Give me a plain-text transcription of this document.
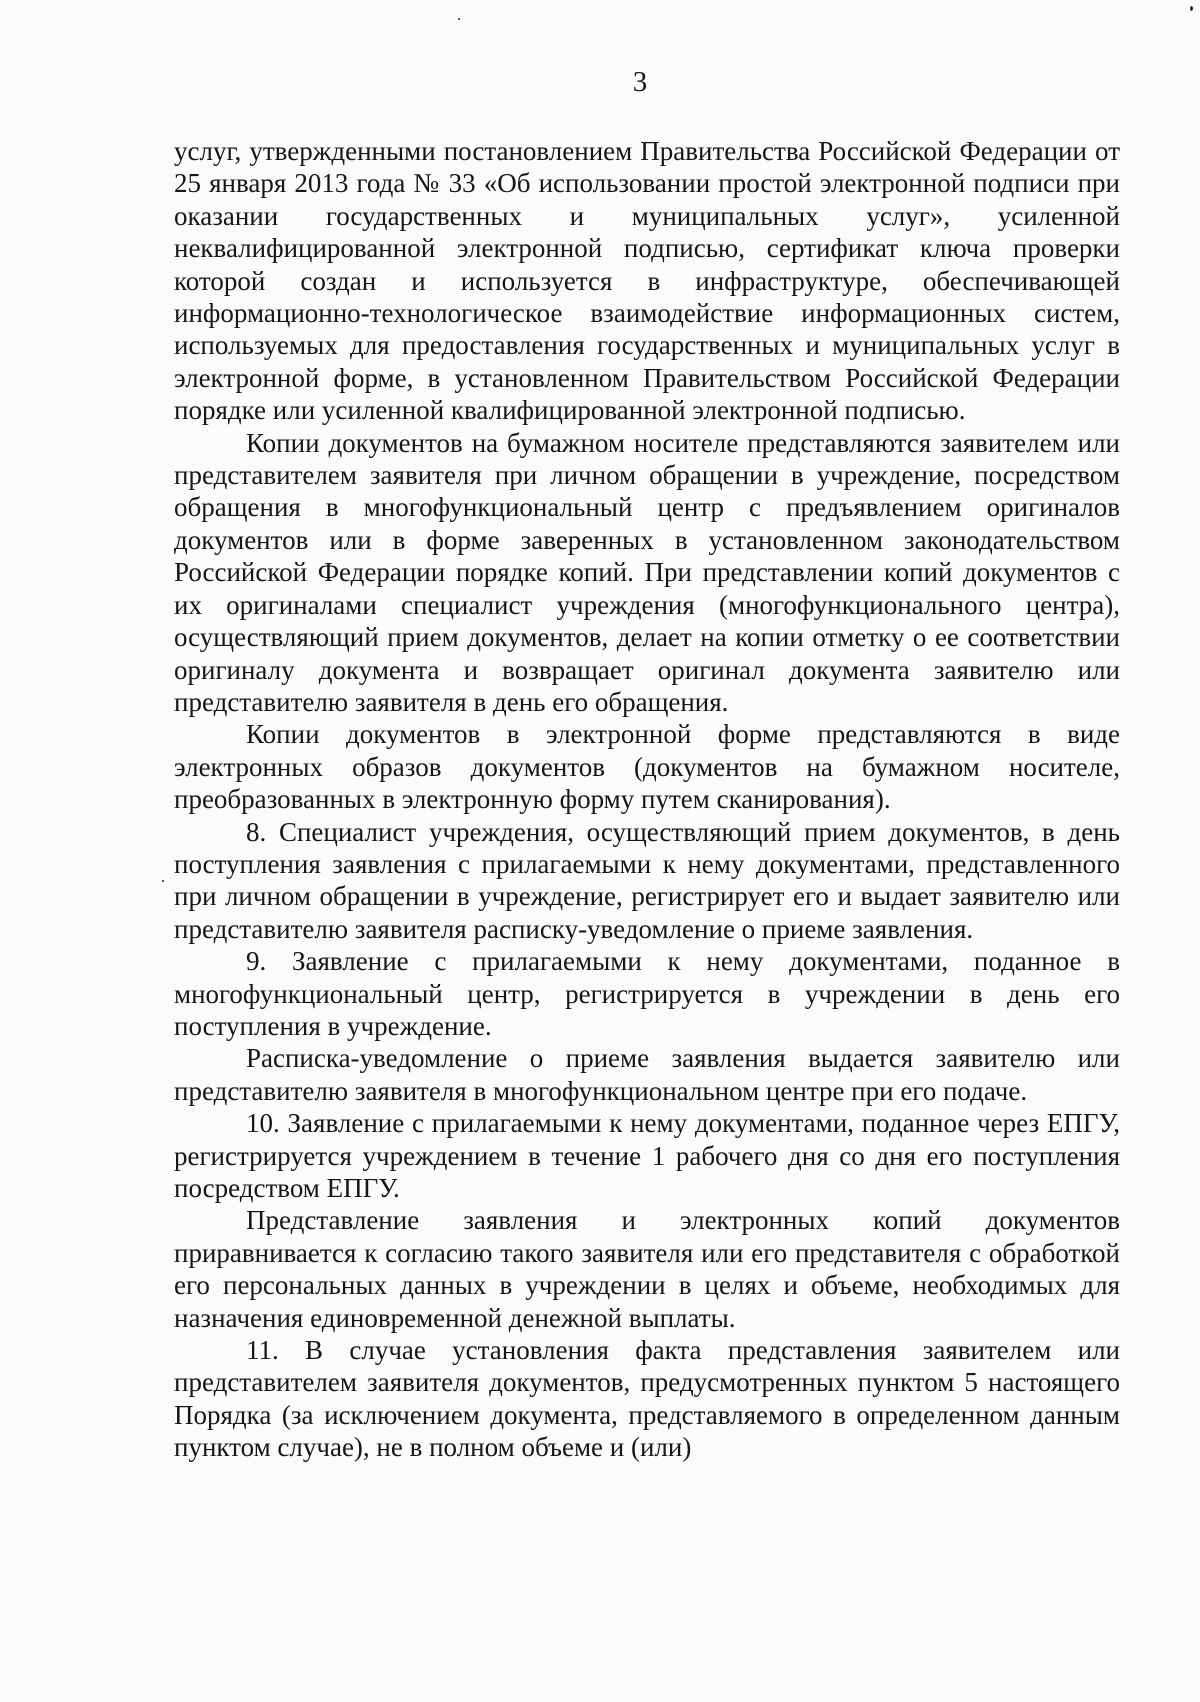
3

услуг, утвержденными постановлением Правительства Российской Федерации от 25 января 2013 года № 33 «Об использовании простой электронной подписи при оказании государственных и муниципальных услуг», усиленной неквалифицированной электронной подписью, сертификат ключа проверки которой создан и используется в инфраструктуре, обеспечивающей информационно-технологическое взаимодействие информационных систем, используемых для предоставления государственных и муниципальных услуг в электронной форме, в установленном Правительством Российской Федерации порядке или усиленной квалифицированной электронной подписью.

Копии документов на бумажном носителе представляются заявителем или представителем заявителя при личном обращении в учреждение, посредством обращения в многофункциональный центр с предъявлением оригиналов документов или в форме заверенных в установленном законодательством Российской Федерации порядке копий. При представлении копий документов с их оригиналами специалист учреждения (многофункционального центра), осуществляющий прием документов, делает на копии отметку о ее соответствии оригиналу документа и возвращает оригинал документа заявителю или представителю заявителя в день его обращения.

Копии документов в электронной форме представляются в виде электронных образов документов (документов на бумажном носителе, преобразованных в электронную форму путем сканирования).

8. Специалист учреждения, осуществляющий прием документов, в день поступления заявления с прилагаемыми к нему документами, представленного при личном обращении в учреждение, регистрирует его и выдает заявителю или представителю заявителя расписку-уведомление о приеме заявления.

9. Заявление с прилагаемыми к нему документами, поданное в многофункциональный центр, регистрируется в учреждении в день его поступления в учреждение.

Расписка-уведомление о приеме заявления выдается заявителю или представителю заявителя в многофункциональном центре при его подаче.

10. Заявление с прилагаемыми к нему документами, поданное через ЕПГУ, регистрируется учреждением в течение 1 рабочего дня со дня его поступления посредством ЕПГУ.

Представление заявления и электронных копий документов приравнивается к согласию такого заявителя или его представителя с обработкой его персональных данных в учреждении в целях и объеме, необходимых для назначения единовременной денежной выплаты.

11. В случае установления факта представления заявителем или представителем заявителя документов, предусмотренных пунктом 5 настоящего Порядка (за исключением документа, представляемого в определенном данным пунктом случае), не в полном объеме и (или)
